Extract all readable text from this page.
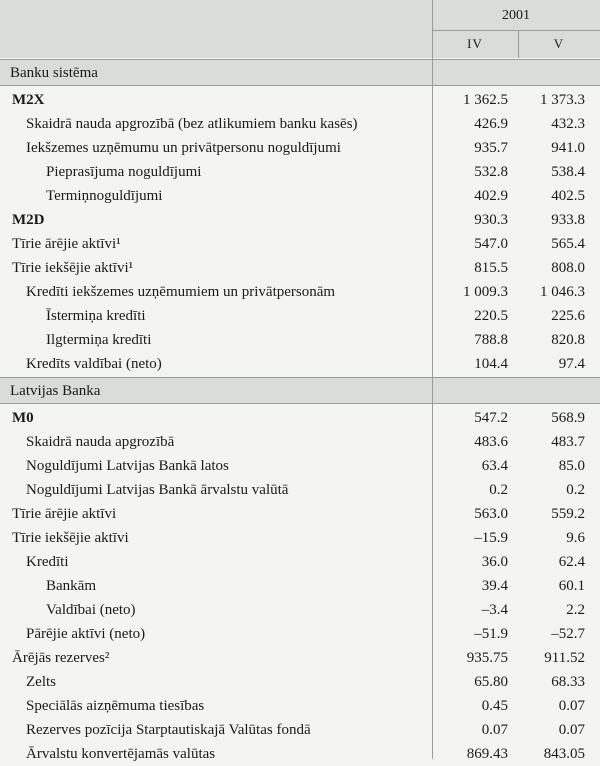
2001
IV	V
Banku sistēma
M2X	1 362.5	1 373.3
Skaidrā nauda apgrozībā (bez atlikumiem banku kasēs)	426.9	432.3
Iekšzemes uzņēmumu un privātpersonu noguldījumi	935.7	941.0
Pieprasījuma noguldījumi	532.8	538.4
Termiņnoguldījumi	402.9	402.5
M2D	930.3	933.8
Tīrie ārējie aktīvi¹	547.0	565.4
Tīrie iekšējie aktīvi¹	815.5	808.0
Kredīti iekšzemes uzņēmumiem un privātpersonām	1 009.3	1 046.3
Īstermiņa kredīti	220.5	225.6
Ilgtermiņa kredīti	788.8	820.8
Kredīts valdībai (neto)	104.4	97.4
Latvijas Banka
M0	547.2	568.9
Skaidrā nauda apgrozībā	483.6	483.7
Noguldījumi Latvijas Bankā latos	63.4	85.0
Noguldījumi Latvijas Bankā ārvalstu valūtā	0.2	0.2
Tīrie ārējie aktīvi	563.0	559.2
Tīrie iekšējie aktīvi	–15.9	9.6
Kredīti	36.0	62.4
Bankām	39.4	60.1
Valdībai (neto)	–3.4	2.2
Pārējie aktīvi (neto)	–51.9	–52.7
Ārējās rezerves²	935.75	911.52
Zelts	65.80	68.33
Speciālās aizņēmuma tiesības	0.45	0.07
Rezerves pozīcija Starptautiskajā Valūtas fondā	0.07	0.07
Ārvalstu konvertējamās valūtas	869.43	843.05
